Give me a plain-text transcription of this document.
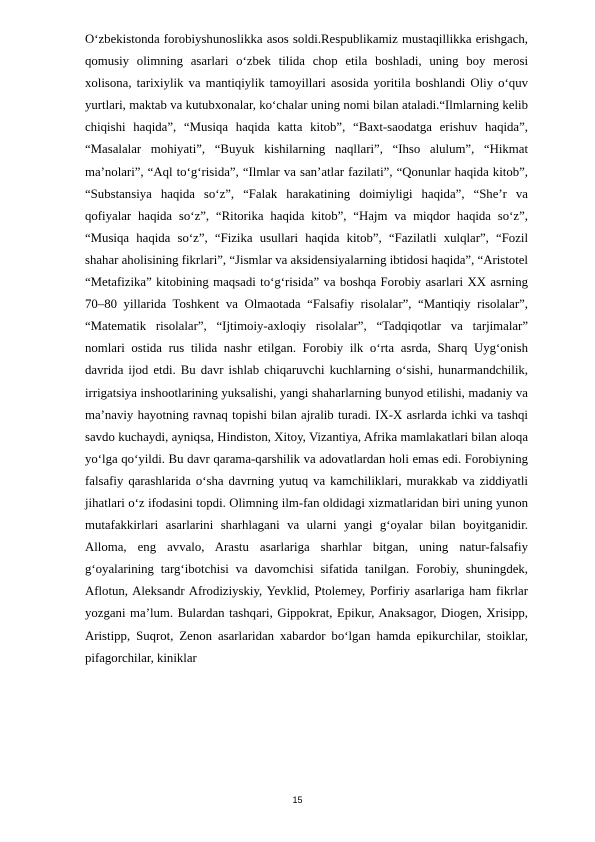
O‘zbekistonda forobiyshunoslikka asos soldi.Respublikamiz mustaqillikka erishgach, qomusiy olimning asarlari o‘zbek tilida chop etila boshladi, uning boy merosi xolisona, tarixiylik va mantiqiylik tamoyillari asosida yoritila boshlandi Oliy o‘quv yurtlari, maktab va kutubxonalar, ko‘chalar uning nomi bilan ataladi.“Ilmlarning kelib chiqishi haqida”, “Musiqa haqida katta kitob”, “Baxt-saodatga erishuv haqida”, “Masalalar mohiyati”, “Buyuk kishilarning naqllari”, “Ihso alulum”, “Hikmat ma’nolari”, “Aql to‘g‘risida”, “Ilmlar va san’atlar fazilati”, “Qonunlar haqida kitob”, “Substansiya haqida so‘z”, “Falak harakatining doimiyligi haqida”, “She’r va qofiyalar haqida so‘z”, “Ritorika haqida kitob”, “Hajm va miqdor haqida so‘z”, “Musiqa haqida so‘z”, “Fizika usullari haqida kitob”, “Fazilatli xulqlar”, “Fozil shahar aholisining fikrlari”, “Jismlar va aksidensiyalarning ibtidosi haqida”, “Aristotel “Metafizika” kitobining maqsadi to‘g‘risida” va boshqa Forobiy asarlari XX asrning 70–80 yillarida Toshkent va Olmaotada “Falsafiy risolalar”, “Mantiqiy risolalar”, “Matematik risolalar”, “Ijtimoiy-axloqiy risolalar”, “Tadqiqotlar va tarjimalar” nomlari ostida rus tilida nashr etilgan. Forobiy ilk o‘rta asrda, Sharq Uyg‘onish davrida ijod etdi. Bu davr ishlab chiqaruvchi kuchlarning o‘sishi, hunarmandchilik, irrigatsiya inshootlarining yuksalishi, yangi shaharlarning bunyod etilishi, madaniy va ma’naviy hayotning ravnaq topishi bilan ajralib turadi. IX-X asrlarda ichki va tashqi savdo kuchaydi, ayniqsa, Hindiston, Xitoy, Vizantiya, Afrika mamlakatlari bilan aloqa yo‘lga qo‘yildi. Bu davr qarama-qarshilik va adovatlardan holi emas edi. Forobiyning falsafiy qarashlarida o‘sha davrning yutuq va kamchiliklari, murakkab va ziddiyatli jihatlari o‘z ifodasini topdi. Olimning ilm-fan oldidagi xizmatlaridan biri uning yunon mutafakkirlari asarlarini sharhlagani va ularni yangi g‘oyalar bilan boyitganidir. Alloma, eng avvalo, Arastu asarlariga sharhlar bitgan, uning natur-falsafiy g‘oyalarining targ‘ibotchisi va davomchisi sifatida tanilgan. Forobiy, shuningdek, Aflotun, Aleksandr Afrodiziyskiy, Yevklid, Ptolemey, Porfiriy asarlariga ham fikrlar yozgani ma’lum. Bulardan tashqari, Gippokrat, Epikur, Anaksagor, Diogen, Xrisipp, Aristipp, Suqrot, Zenon asarlaridan xabardor bo‘lgan hamda epikurchilar, stoiklar, pifagorchilar, kiniklar

15
